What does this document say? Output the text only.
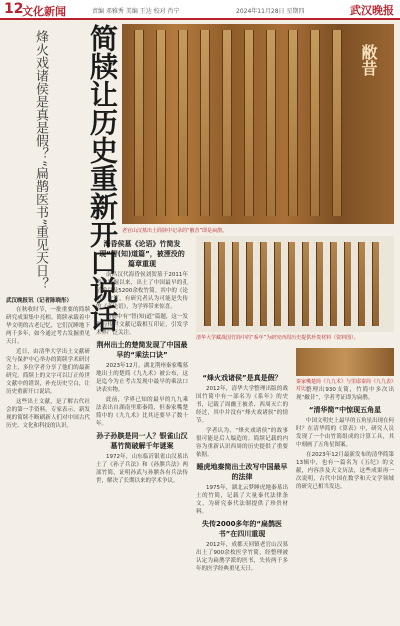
12
文化新闻	责编 邓雅秀 美编 王达 校对 肖宁	2024年11月28日 星期四	武汉晚报
简牍让历史重新开口说话
烽火戏诸侯是真是假？“扁鹊医书”重见天日？	敝昔
老官山汉墓出土简牍中记录的“敝昔”即是扁鹊。
清华大学藏战国竹简中的“系年”为研究西周历史提供珍贵材料（资料图）。
秦家嘴楚简《九九术》与里耶秦简《九九表》对比。
武汉晚报讯（记者陈晓彤）

在秋收时节，一批重要的简牍研究成果集中亮相。简牍承载着中华文明的古老记忆，它们沉睡地下两千多年，如今通过考古发掘重见天日。

近日，由清华大学出土文献研究与保护中心举办的简牍学术研讨会上，多位学者分享了他们的最新研究。简牍上的文字可以订正传世文献中的错误，补充历史空白，让历史重新开口说话。

这些出土文献，是了解古代社会的第一手资料。专家表示，新发现的简牍不断刷新人们对中国古代历史、文化和科技的认识。

海昏侯墓《论语》竹简发现“智(知)道篇”，被湮没的篇章重现

南昌汉代海昏侯刘贺墓于2011年考古发掘以来，出土了中国最早的孔子像以及5200余枚竹简。其中的《论语》竹简，有研究者认为可能是失传的《齐论语》，为学界带来惊喜。

竹简中有“智(知)道”篇题，这一发现与传世文献记载相互印证，引发学术界广泛关注。

荆州出土的楚简发现了中国最早的“乘法口诀”

2023年12月，湖北荆州秦家嘴墓地出土的楚简《九九术》被公布，这是迄今为止考古发现中最早的乘法口诀表实物。

此前，学界已知的最早的九九乘法表出自湖南里耶秦简，但秦家嘴楚简中的《九九术》比其还要早了数十年。

孙子孙膑是同一人？银雀山汉墓竹简破解千年谜案

1972年，山东临沂银雀山汉墓出土了《孙子兵法》和《孙膑兵法》两部竹简，证明孙武与孙膑各有兵法传世，解决了长期以来的学术争议。

“烽火戏诸侯”是真是假？

2012年，清华大学整理出版的战国竹简中有一部名为《系年》的史书，记载了周幽王被杀、西周灭亡的经过，其中并没有“烽火戏诸侯”的情节。

学者认为，“烽火戏诸侯”的故事很可能是后人编造的。简牍记载的内容为重新认识西周的历史提供了重要依据。

睡虎地秦简出土改写中国最早的法律

1975年，湖北云梦睡虎地秦墓出土的竹简，记载了大量秦代法律条文，为研究秦代法制提供了珍贵材料。

失传2000多年的“扁鹊医书”在四川重现

2012年，成都天回镇老官山汉墓出土了900余枚医学竹简，经整理被认定为扁鹊学派的医书，失传两千多年的医学经典重见天日。

整理出930支简，竹简中多次出现“敝昔”，学者考证即为扁鹊。

“清华简”中惊现五角星

中国文明史上最早的五角星出现在何时？在清华简的《算表》中，研究人员发现了一个由竹简组成的计算工具，其中刻画了五角星图案。

在2023年12月最新发布的清华简第13辑中，也有一篇名为《五纪》的文献，内容涉及天文历法，这些成果再一次说明，古代中国在数学和天文学领域的研究已相当发达。
